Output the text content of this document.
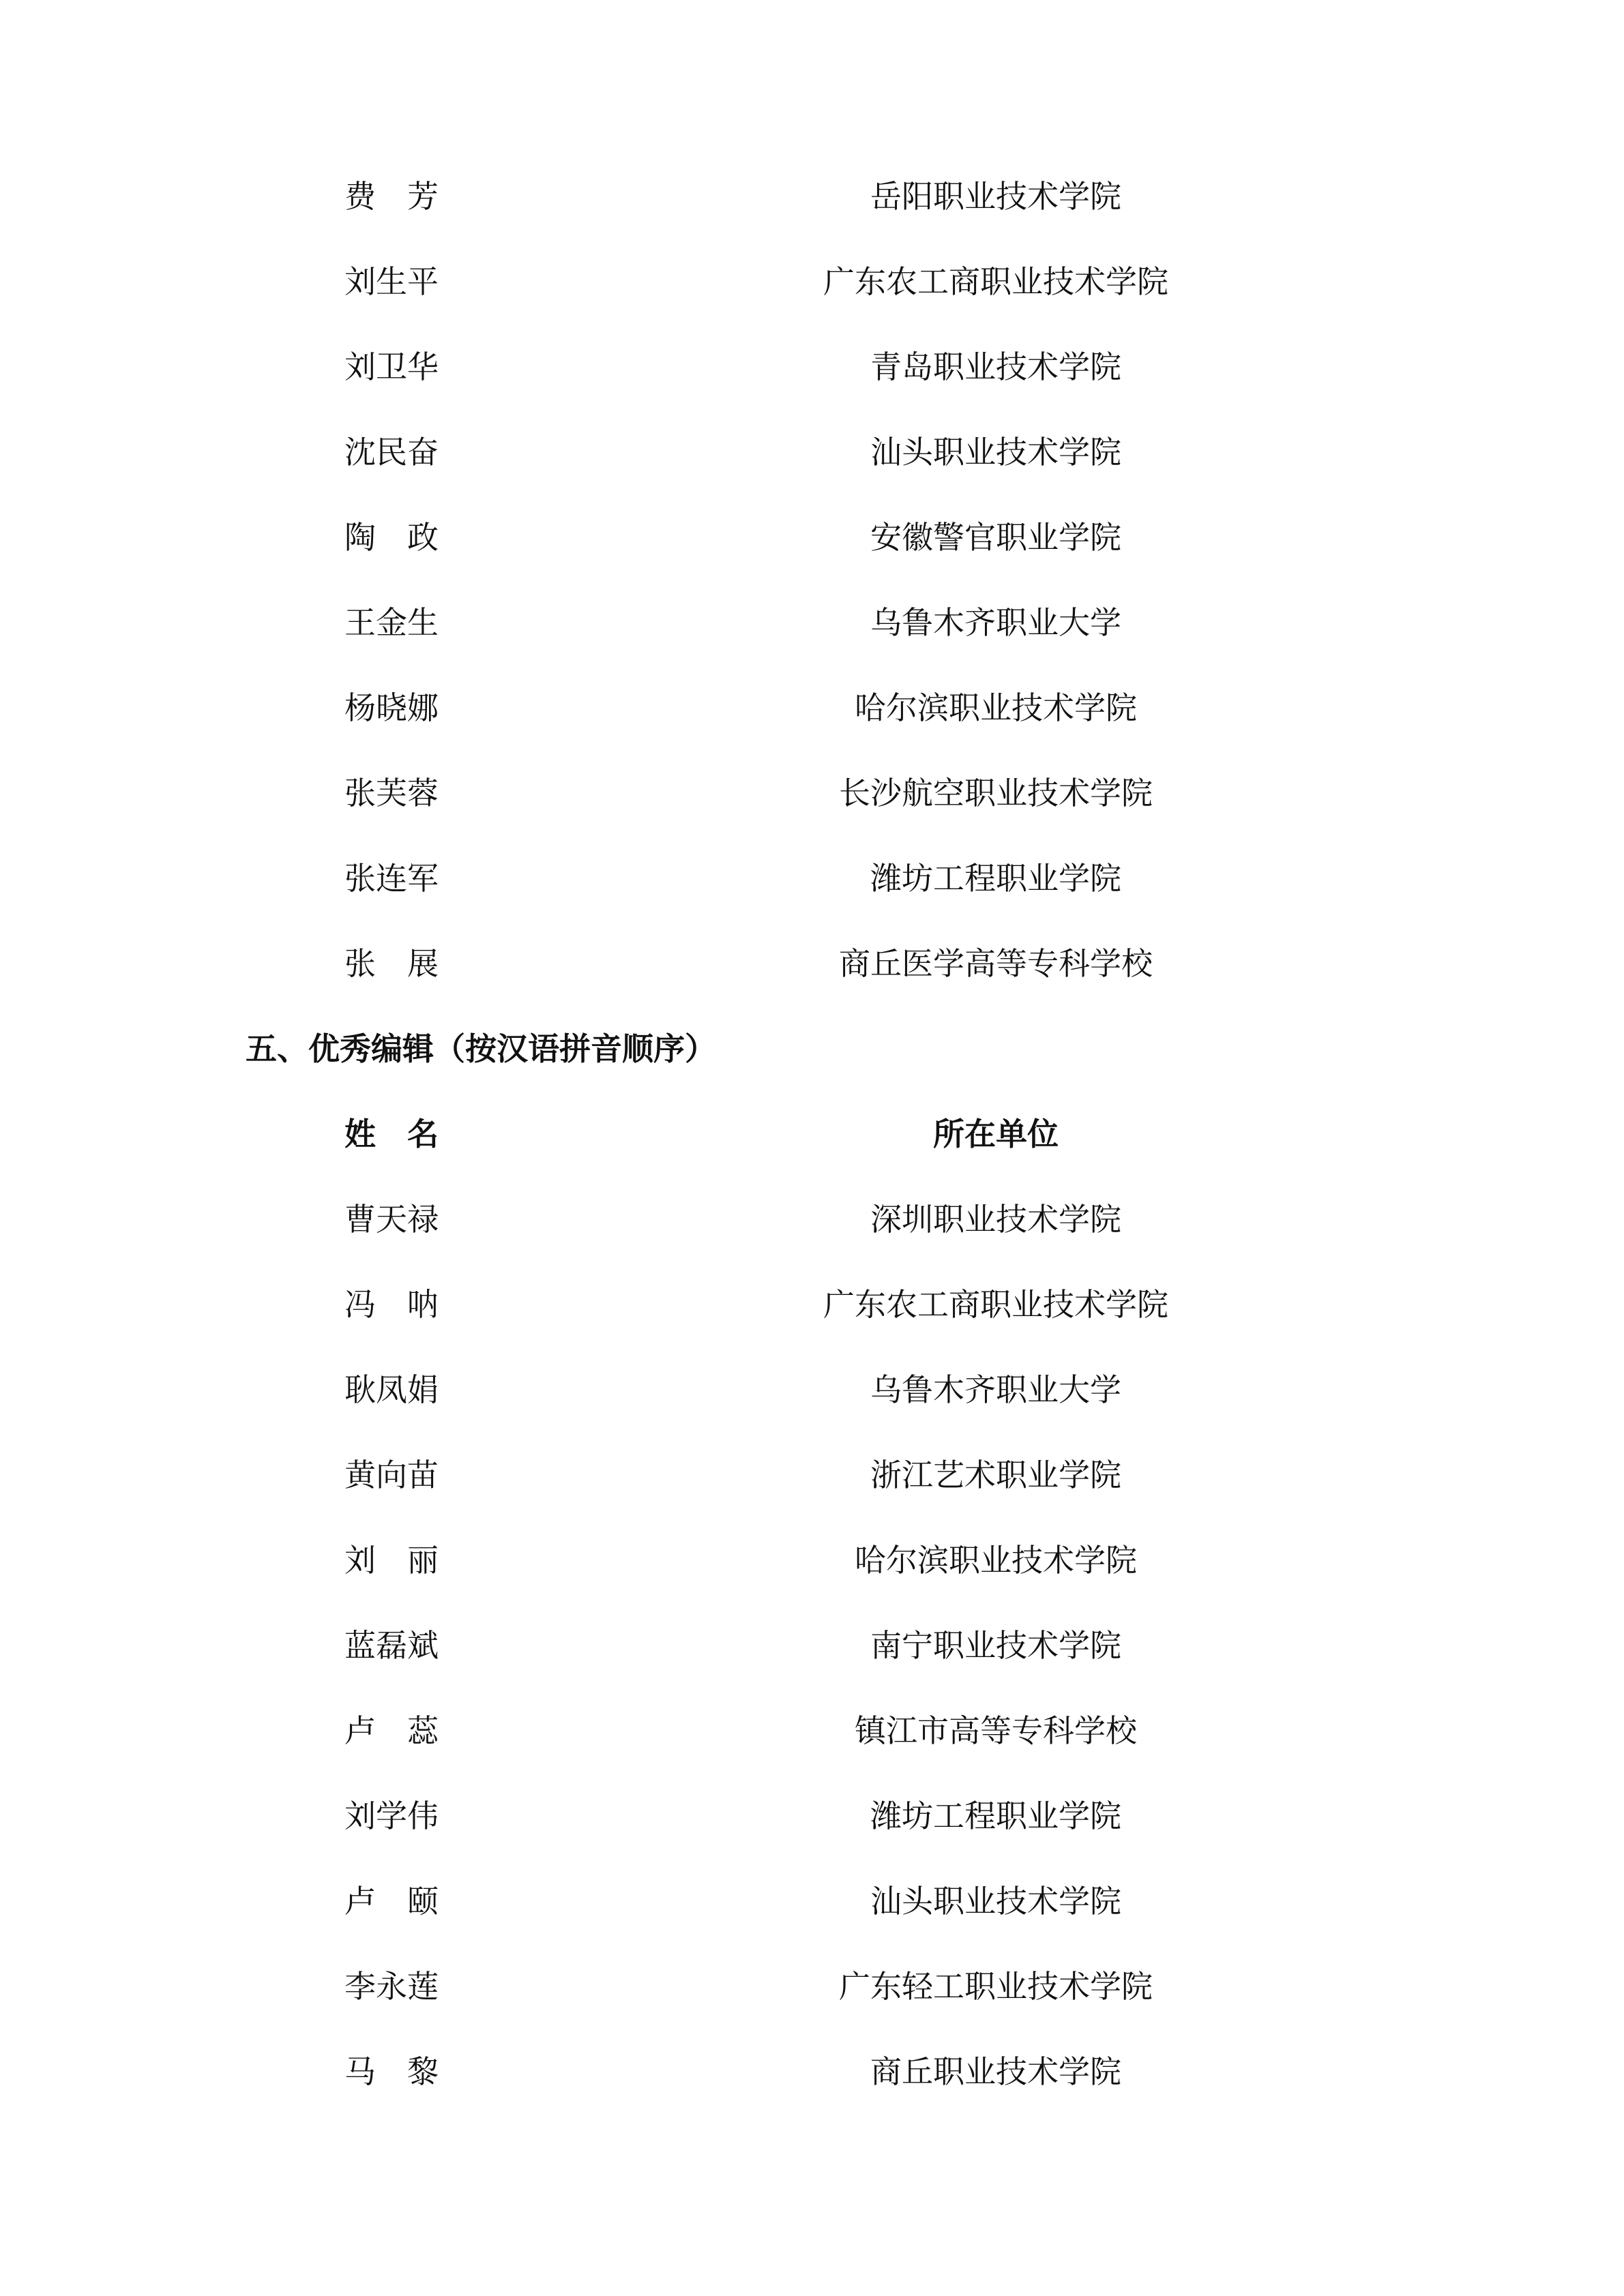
费　芳	岳阳职业技术学院
刘生平	广东农工商职业技术学院
刘卫华	青岛职业技术学院
沈民奋	汕头职业技术学院
陶　政	安徽警官职业学院
王金生	乌鲁木齐职业大学
杨晓娜	哈尔滨职业技术学院
张芙蓉	长沙航空职业技术学院
张连军	潍坊工程职业学院
张　展	商丘医学高等专科学校
五、优秀编辑（按汉语拼音顺序）
姓　名	所在单位
曹天禄	深圳职业技术学院
冯　呐	广东农工商职业技术学院
耿凤娟	乌鲁木齐职业大学
黄向苗	浙江艺术职业学院
刘　丽	哈尔滨职业技术学院
蓝磊斌	南宁职业技术学院
卢　蕊	镇江市高等专科学校
刘学伟	潍坊工程职业学院
卢　颐	汕头职业技术学院
李永莲	广东轻工职业技术学院
马　黎	商丘职业技术学院
